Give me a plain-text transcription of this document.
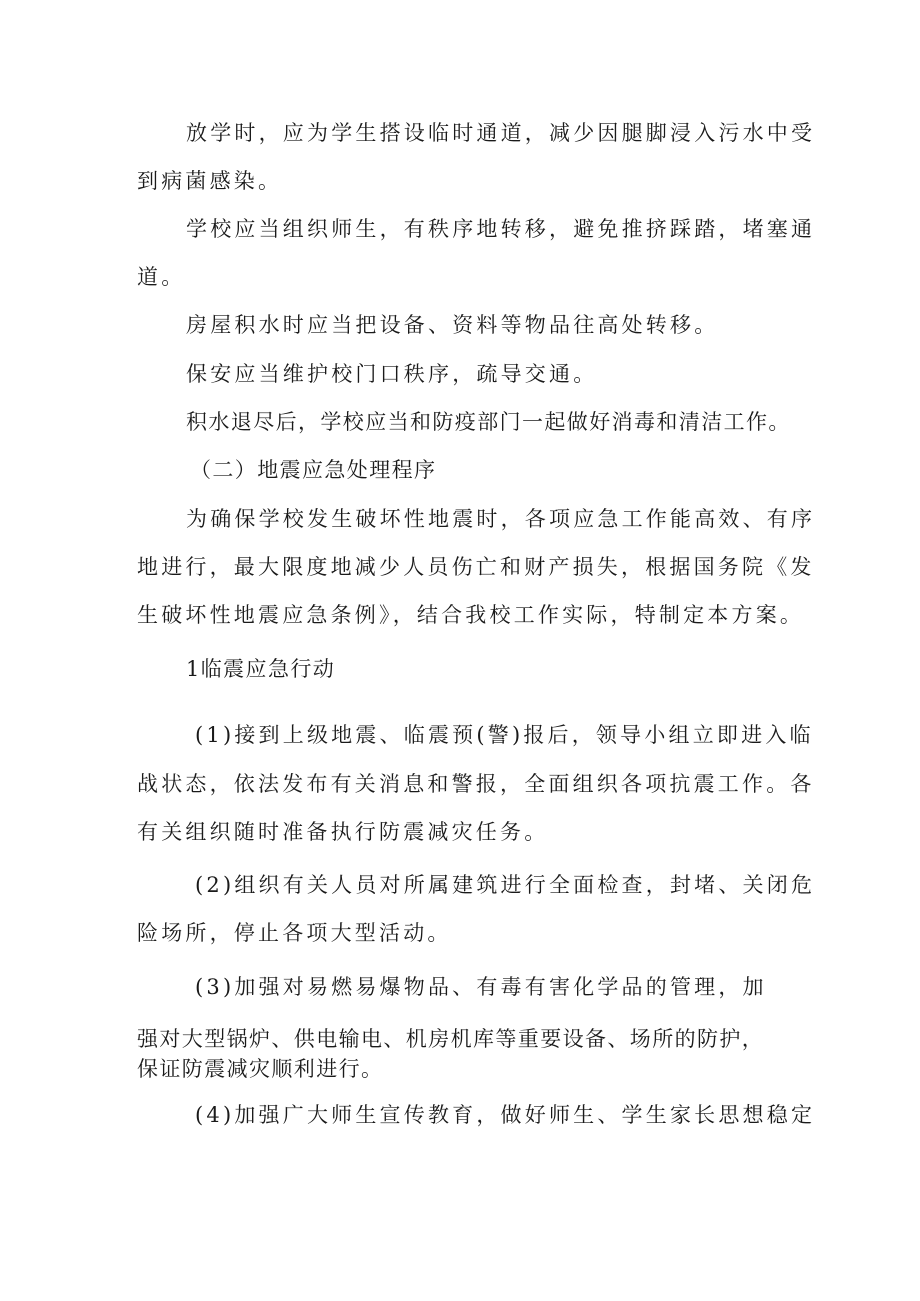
放学时，应为学生搭设临时通道，减少因腿脚浸入污水中受
到病菌感染。
学校应当组织师生，有秩序地转移，避免推挤踩踏，堵塞通
道。
房屋积水时应当把设备、资料等物品往高处转移。
保安应当维护校门口秩序，疏导交通。
积水退尽后，学校应当和防疫部门一起做好消毒和清洁工作。
（二）地震应急处理程序
为确保学校发生破坏性地震时，各项应急工作能高效、有序
地进行，最大限度地减少人员伤亡和财产损失，根据国务院《发
生破坏性地震应急条例》，结合我校工作实际，特制定本方案。
1临震应急行动
(1)接到上级地震、临震预(警)报后，领导小组立即进入临
战状态，依法发布有关消息和警报，全面组织各项抗震工作。各
有关组织随时准备执行防震减灾任务。
(2)组织有关人员对所属建筑进行全面检查，封堵、关闭危
险场所，停止各项大型活动。
(3)加强对易燃易爆物品、有毒有害化学品的管理，加
强对大型锅炉、供电输电、机房机库等重要设备、场所的防护，
保证防震减灾顺利进行。
(4)加强广大师生宣传教育，做好师生、学生家长思想稳定
